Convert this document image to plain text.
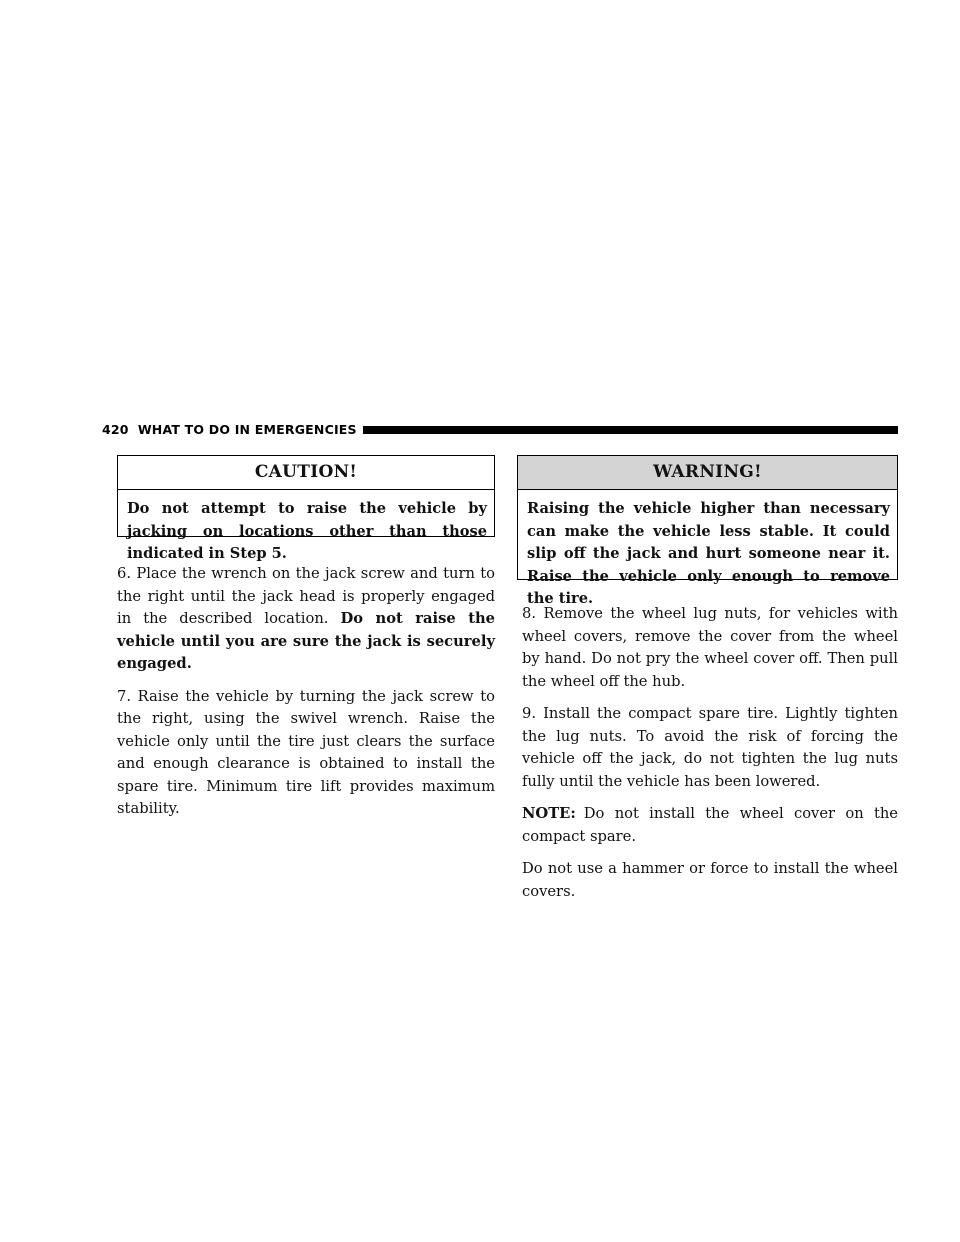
420 WHAT TO DO IN EMERGENCIES
CAUTION!
Do not attempt to raise the vehicle by jacking on locations other than those indicated in Step 5.
WARNING!
Raising the vehicle higher than necessary can make the vehicle less stable. It could slip off the jack and hurt someone near it. Raise the vehicle only enough to remove the tire.

6. Place the wrench on the jack screw and turn to the right until the jack head is properly engaged in the described location. Do not raise the vehicle until you are sure the jack is securely engaged.

7. Raise the vehicle by turning the jack screw to the right, using the swivel wrench. Raise the vehicle only until the tire just clears the surface and enough clearance is obtained to install the spare tire. Minimum tire lift provides maximum stability.

8. Remove the wheel lug nuts, for vehicles with wheel covers, remove the cover from the wheel by hand. Do not pry the wheel cover off. Then pull the wheel off the hub.

9. Install the compact spare tire. Lightly tighten the lug nuts. To avoid the risk of forcing the vehicle off the jack, do not tighten the lug nuts fully until the vehicle has been lowered.

NOTE: Do not install the wheel cover on the compact spare.

Do not use a hammer or force to install the wheel covers.
